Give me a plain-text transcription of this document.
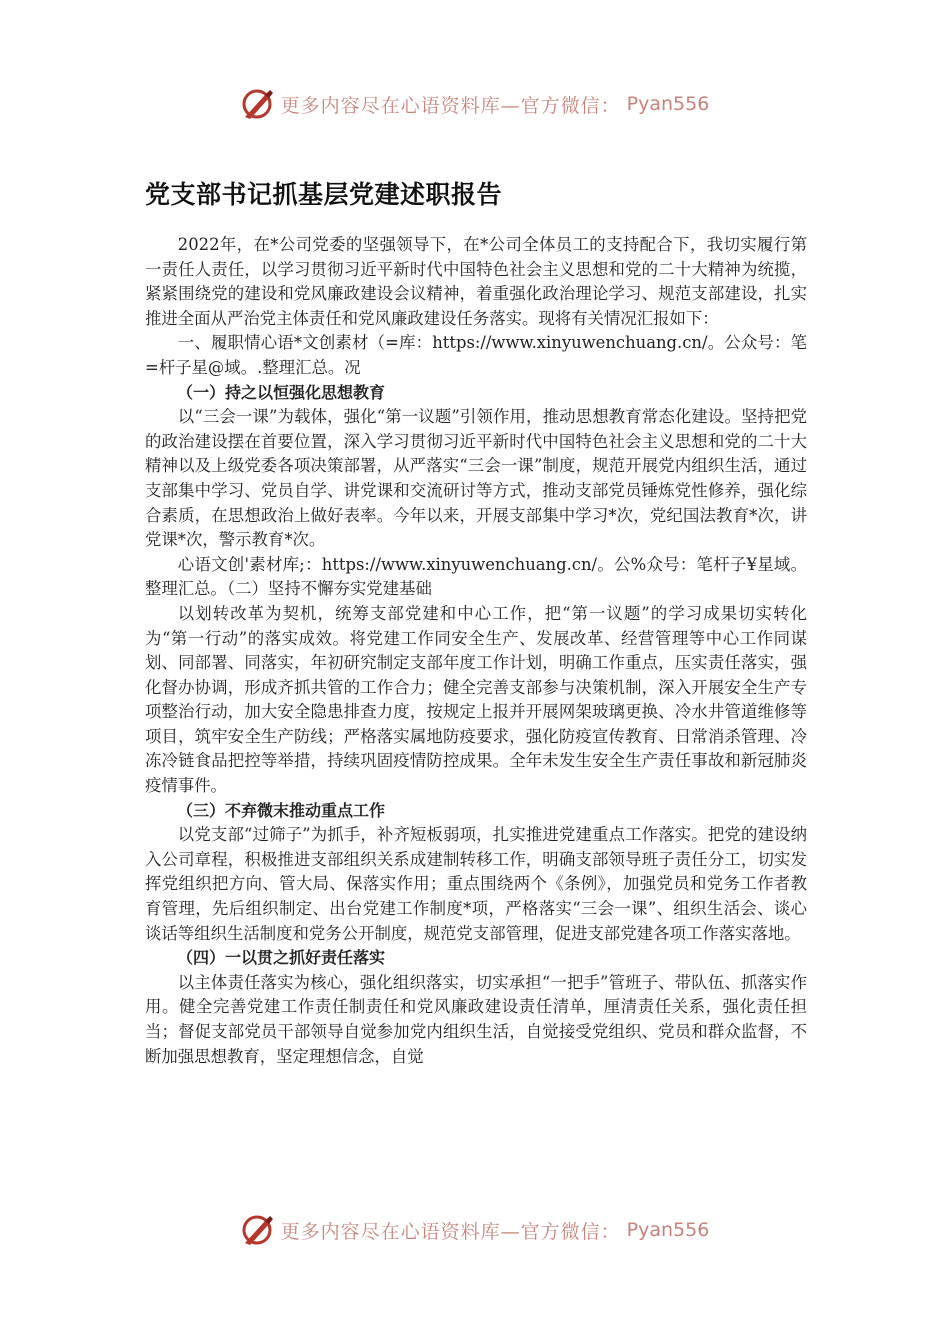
更多内容尽在心语资料库—官方微信： Pyan556
党支部书记抓基层党建述职报告

2022年，在*公司党委的坚强领导下，在*公司全体员工的支持配合下，我切实履行第一责任人责任，以学习贯彻习近平新时代中国特色社会主义思想和党的二十大精神为统揽，紧紧围绕党的建设和党风廉政建设会议精神，着重强化政治理论学习、规范支部建设，扎实推进全面从严治党主体责任和党风廉政建设任务落实。现将有关情况汇报如下：

一、履职情心语*文创素材（=库：https://www.xinyuwenchuang.cn/。公众号：笔=杆子星@域。.整理汇总。况

（一）持之以恒强化思想教育

以“三会一课”为载体，强化“第一议题”引领作用，推动思想教育常态化建设。坚持把党的政治建设摆在首要位置，深入学习贯彻习近平新时代中国特色社会主义思想和党的二十大精神以及上级党委各项决策部署，从严落实“三会一课”制度，规范开展党内组织生活，通过支部集中学习、党员自学、讲党课和交流研讨等方式，推动支部党员锤炼党性修养，强化综合素质，在思想政治上做好表率。今年以来，开展支部集中学习*次，党纪国法教育*次，讲党课*次，警示教育*次。

心语文创'素材库;：https://www.xinyuwenchuang.cn/。公%众号：笔杆子¥星域。整理汇总。（二）坚持不懈夯实党建基础

以划转改革为契机，统筹支部党建和中心工作，把“第一议题”的学习成果切实转化为“第一行动”的落实成效。将党建工作同安全生产、发展改革、经营管理等中心工作同谋划、同部署、同落实，年初研究制定支部年度工作计划，明确工作重点，压实责任落实，强化督办协调，形成齐抓共管的工作合力；健全完善支部参与决策机制，深入开展安全生产专项整治行动，加大安全隐患排查力度，按规定上报并开展网架玻璃更换、冷水井管道维修等项目，筑牢安全生产防线；严格落实属地防疫要求，强化防疫宣传教育、日常消杀管理、冷冻冷链食品把控等举措，持续巩固疫情防控成果。全年未发生安全生产责任事故和新冠肺炎疫情事件。

（三）不弃微末推动重点工作

以党支部“过筛子”为抓手，补齐短板弱项，扎实推进党建重点工作落实。把党的建设纳入公司章程，积极推进支部组织关系成建制转移工作，明确支部领导班子责任分工，切实发挥党组织把方向、管大局、保落实作用；重点围绕两个《条例》，加强党员和党务工作者教育管理，先后组织制定、出台党建工作制度*项，严格落实“三会一课”、组织生活会、谈心谈话等组织生活制度和党务公开制度，规范党支部管理，促进支部党建各项工作落实落地。

（四）一以贯之抓好责任落实

以主体责任落实为核心，强化组织落实，切实承担“一把手”管班子、带队伍、抓落实作用。健全完善党建工作责任制责任和党风廉政建设责任清单，厘清责任关系，强化责任担当；督促支部党员干部领导自觉参加党内组织生活，自觉接受党组织、党员和群众监督，不断加强思想教育，坚定理想信念，自觉

更多内容尽在心语资料库—官方微信： Pyan556
